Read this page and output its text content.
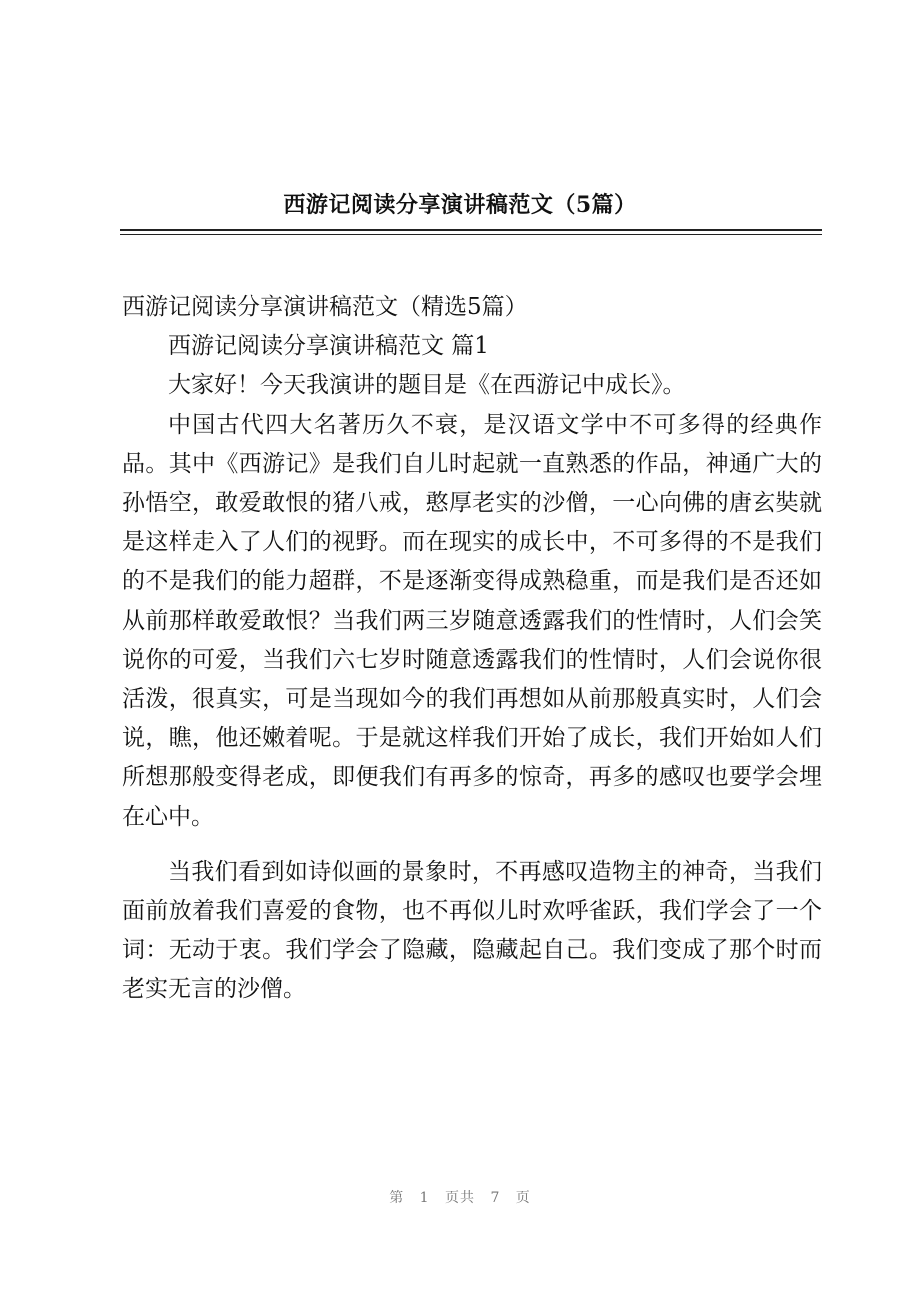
西游记阅读分享演讲稿范文（5篇）

西游记阅读分享演讲稿范文（精选5篇）

西游记阅读分享演讲稿范文 篇1

大家好！今天我演讲的题目是《在西游记中成长》。

中国古代四大名著历久不衰，是汉语文学中不可多得的经典作品。其中《西游记》是我们自儿时起就一直熟悉的作品，神通广大的孙悟空，敢爱敢恨的猪八戒，憨厚老实的沙僧，一心向佛的唐玄奘就是这样走入了人们的视野。而在现实的成长中，不可多得的不是我们的不是我们的能力超群，不是逐渐变得成熟稳重，而是我们是否还如从前那样敢爱敢恨？当我们两三岁随意透露我们的性情时，人们会笑说你的可爱，当我们六七岁时随意透露我们的性情时，人们会说你很活泼，很真实，可是当现如今的我们再想如从前那般真实时，人们会说，瞧，他还嫩着呢。于是就这样我们开始了成长，我们开始如人们所想那般变得老成，即便我们有再多的惊奇，再多的感叹也要学会埋在心中。

当我们看到如诗似画的景象时，不再感叹造物主的神奇，当我们面前放着我们喜爱的食物，也不再似儿时欢呼雀跃，我们学会了一个词：无动于衷。我们学会了隐藏，隐藏起自己。我们变成了那个时而老实无言的沙僧。

第 1 页共 7 页
